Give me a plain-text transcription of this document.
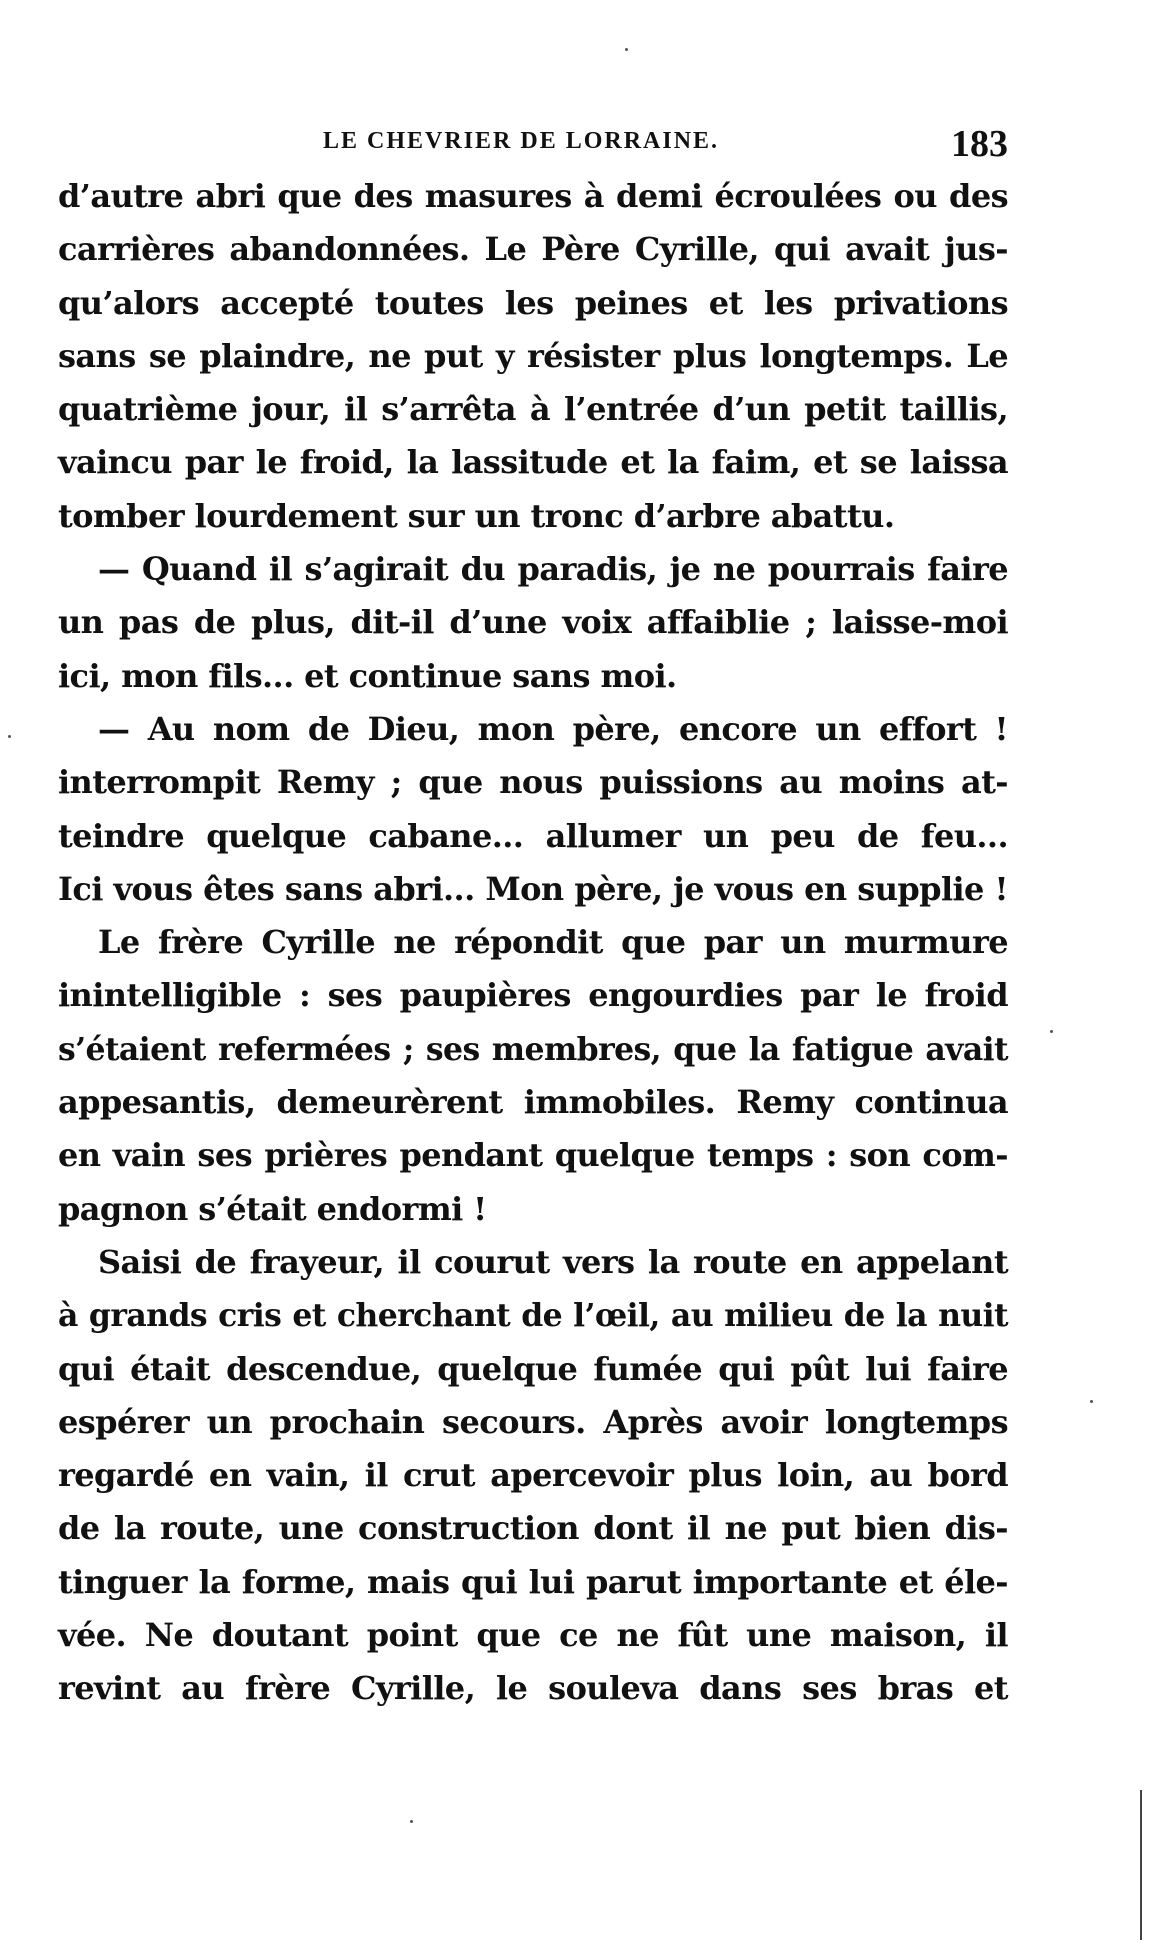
LE CHEVRIER DE LORRAINE.	183
d’autre abri que des masures à demi écroulées ou des
carrières abandonnées. Le Père Cyrille, qui avait jus-
qu’alors accepté toutes les peines et les privations
sans se plaindre, ne put y résister plus longtemps. Le
quatrième jour, il s’arrêta à l’entrée d’un petit taillis,
vaincu par le froid, la lassitude et la faim, et se laissa
tomber lourdement sur un tronc d’arbre abattu.
— Quand il s’agirait du paradis, je ne pourrais faire
un pas de plus, dit-il d’une voix affaiblie ; laisse-moi
ici, mon fils... et continue sans moi.
— Au nom de Dieu, mon père, encore un effort !
interrompit Remy ; que nous puissions au moins at-
teindre quelque cabane... allumer un peu de feu...
Ici vous êtes sans abri... Mon père, je vous en supplie !
Le frère Cyrille ne répondit que par un murmure
inintelligible : ses paupières engourdies par le froid
s’étaient refermées ; ses membres, que la fatigue avait
appesantis, demeurèrent immobiles. Remy continua
en vain ses prières pendant quelque temps : son com-
pagnon s’était endormi !
Saisi de frayeur, il courut vers la route en appelant
à grands cris et cherchant de l’œil, au milieu de la nuit
qui était descendue, quelque fumée qui pût lui faire
espérer un prochain secours. Après avoir longtemps
regardé en vain, il crut apercevoir plus loin, au bord
de la route, une construction dont il ne put bien dis-
tinguer la forme, mais qui lui parut importante et éle-
vée. Ne doutant point que ce ne fût une maison, il
revint au frère Cyrille, le souleva dans ses bras et
